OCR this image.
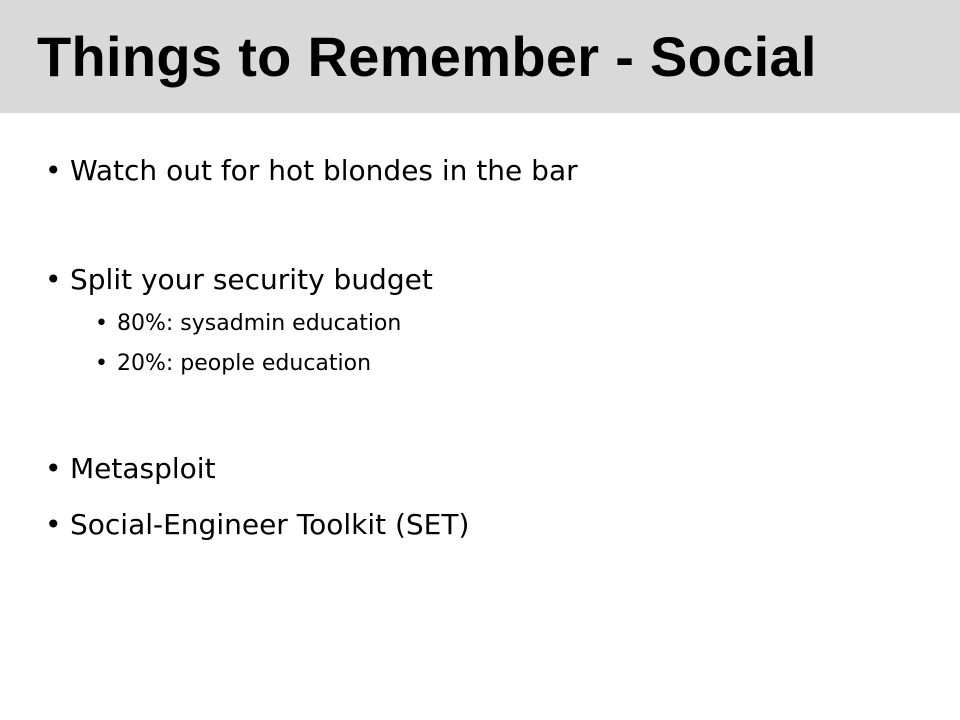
Things to Remember - Social
• Watch out for hot blondes in the bar
• Split your security budget
• 80%: sysadmin education
• 20%: people education
• Metasploit
• Social-Engineer Toolkit (SET)
